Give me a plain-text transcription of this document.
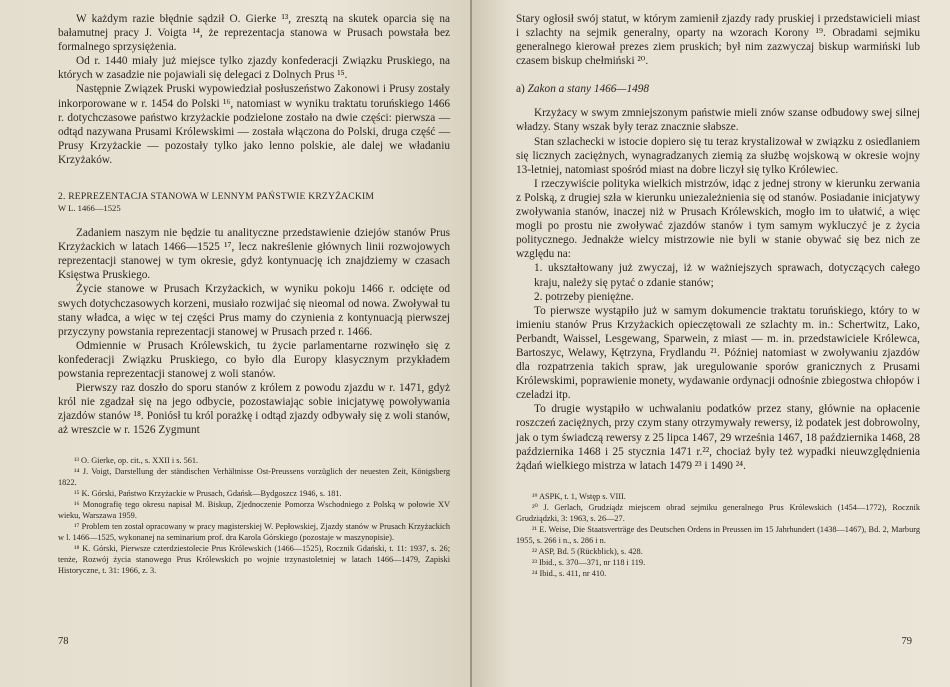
W każdym razie błędnie sądził O. Gierke ¹³, zresztą na skutek oparcia się na bałamutnej pracy J. Voigta ¹⁴, że reprezentacja stanowa w Prusach powstała bez formalnego sprzysiężenia.

Od r. 1440 miały już miejsce tylko zjazdy konfederacji Związku Pruskiego, na których w zasadzie nie pojawiali się delegaci z Dolnych Prus ¹⁵.

Następnie Związek Pruski wypowiedział posłuszeństwo Zakonowi i Prusy zostały inkorporowane w r. 1454 do Polski ¹⁶, natomiast w wyniku traktatu toruńskiego 1466 r. dotychczasowe państwo krzyżackie podzielone zostało na dwie części: pierwsza — odtąd nazywana Prusami Królewskimi — została włączona do Polski, druga część — Prusy Krzyżackie — pozostały tylko jako lenno polskie, ale dalej we władaniu Krzyżaków.

2. REPREZENTACJA STANOWA W LENNYM PAŃSTWIE KRZYŻACKIM
W L. 1466—1525

Zadaniem naszym nie będzie tu analityczne przedstawienie dziejów stanów Prus Krzyżackich w latach 1466—1525 ¹⁷, lecz nakreślenie głównych linii rozwojowych reprezentacji stanowej w tym okresie, gdyż kontynuację ich znajdziemy w czasach Księstwa Pruskiego.

Życie stanowe w Prusach Krzyżackich, w wyniku pokoju 1466 r. odcięte od swych dotychczasowych korzeni, musiało rozwijać się nieomal od nowa. Zwoływał tu stany władca, a więc w tej części Prus mamy do czynienia z kontynuacją pierwszej przyczyny powstania reprezentacji stanowej w Prusach przed r. 1466.

Odmiennie w Prusach Królewskich, tu życie parlamentarne rozwinęło się z konfederacji Związku Pruskiego, co było dla Europy klasycznym przykładem powstania reprezentacji stanowej z woli stanów.

Pierwszy raz doszło do sporu stanów z królem z powodu zjazdu w r. 1471, gdyż król nie zgadzał się na jego odbycie, pozostawiając sobie inicjatywę powoływania zjazdów stanów ¹⁸. Poniósł tu król porażkę i odtąd zjazdy odbywały się z woli stanów, aż wreszcie w r. 1526 Zygmunt

¹³ O. Gierke, op. cit., s. XXII i s. 561.

¹⁴ J. Voigt, Darstellung der ständischen Verhältnisse Ost-Preussens vorzüglich der neuesten Zeit, Königsberg 1822.

¹⁵ K. Górski, Państwo Krzyżackie w Prusach, Gdańsk—Bydgoszcz 1946, s. 181.

¹⁶ Monografię tego okresu napisał M. Biskup, Zjednoczenie Pomorza Wschodniego z Polską w połowie XV wieku, Warszawa 1959.

¹⁷ Problem ten został opracowany w pracy magisterskiej W. Pepłowskiej, Zjazdy stanów w Prusach Krzyżackich w l. 1466—1525, wykonanej na seminarium prof. dra Karola Górskiego (pozostaje w maszynopisie).

¹⁸ K. Górski, Pierwsze czterdziestolecie Prus Królewskich (1466—1525), Rocznik Gdański, t. 11: 1937, s. 26; tenże, Rozwój życia stanowego Prus Królewskich po wojnie trzynastoletniej w latach 1466—1479, Zapiski Historyczne, t. 31: 1966, z. 3.

78

Stary ogłosił swój statut, w którym zamienił zjazdy rady pruskiej i przedstawicieli miast i szlachty na sejmik generalny, oparty na wzorach Korony ¹⁹. Obradami sejmiku generalnego kierował prezes ziem pruskich; był nim zazwyczaj biskup warmiński lub czasem biskup chełmiński ²⁰.

a) Zakon a stany 1466—1498

Krzyżacy w swym zmniejszonym państwie mieli znów szanse odbudowy swej silnej władzy. Stany wszak były teraz znacznie słabsze.

Stan szlachecki w istocie dopiero się tu teraz krystalizował w związku z osiedlaniem się licznych zaciężnych, wynagradzanych ziemią za służbę wojskową w okresie wojny 13-letniej, natomiast spośród miast na dobre liczył się tylko Królewiec.

I rzeczywiście polityka wielkich mistrzów, idąc z jednej strony w kierunku zerwania z Polską, z drugiej szła w kierunku uniezależnienia się od stanów. Posiadanie inicjatywy zwoływania stanów, inaczej niż w Prusach Królewskich, mogło im to ułatwić, a więc mogli po prostu nie zwoływać zjazdów stanów i tym samym wykluczyć je z życia politycznego. Jednakże wielcy mistrzowie nie byli w stanie obywać się bez nich ze względu na:

1. ukształtowany już zwyczaj, iż w ważniejszych sprawach, dotyczących całego kraju, należy się pytać o zdanie stanów;

2. potrzeby pieniężne.

To pierwsze wystąpiło już w samym dokumencie traktatu toruńskiego, który to w imieniu stanów Prus Krzyżackich opieczętowali ze szlachty m. in.: Schertwitz, Lako, Perbandt, Waissel, Lesgewang, Sparwein, z miast — m. in. przedstawiciele Królewca, Bartoszyc, Welawy, Kętrzyna, Frydlandu ²¹. Później natomiast w zwoływaniu zjazdów dla rozpatrzenia takich spraw, jak uregulowanie sporów granicznych z Prusami Królewskimi, poprawienie monety, wydawanie ordynacji odnośnie zbiegostwa chłopów i czeladzi itp.

To drugie wystąpiło w uchwalaniu podatków przez stany, głównie na opłacenie roszczeń zaciężnych, przy czym stany otrzymywały rewersy, iż podatek jest dobrowolny, jak o tym świadczą rewersy z 25 lipca 1467, 29 września 1467, 18 października 1468, 28 października 1468 i 25 stycznia 1471 r.²², chociaż były też wypadki nieuwzględnienia żądań wielkiego mistrza w latach 1479 ²³ i 1490 ²⁴.

¹⁹ ASPK, t. 1, Wstęp s. VIII.

²⁰ J. Gerlach, Grudziądz miejscem obrad sejmiku generalnego Prus Królewskich (1454—1772), Rocznik Grudziądzki, 3: 1963, s. 26—27.

²¹ E. Weise, Die Staatsverträge des Deutschen Ordens in Preussen im 15 Jahrhundert (1438—1467), Bd. 2, Marburg 1955, s. 266 i n., s. 286 i n.

²² ASP, Bd. 5 (Rückblick), s. 428.

²³ Ibid., s. 370—371, nr 118 i 119.

²⁴ Ibid., s. 411, nr 410.

79
